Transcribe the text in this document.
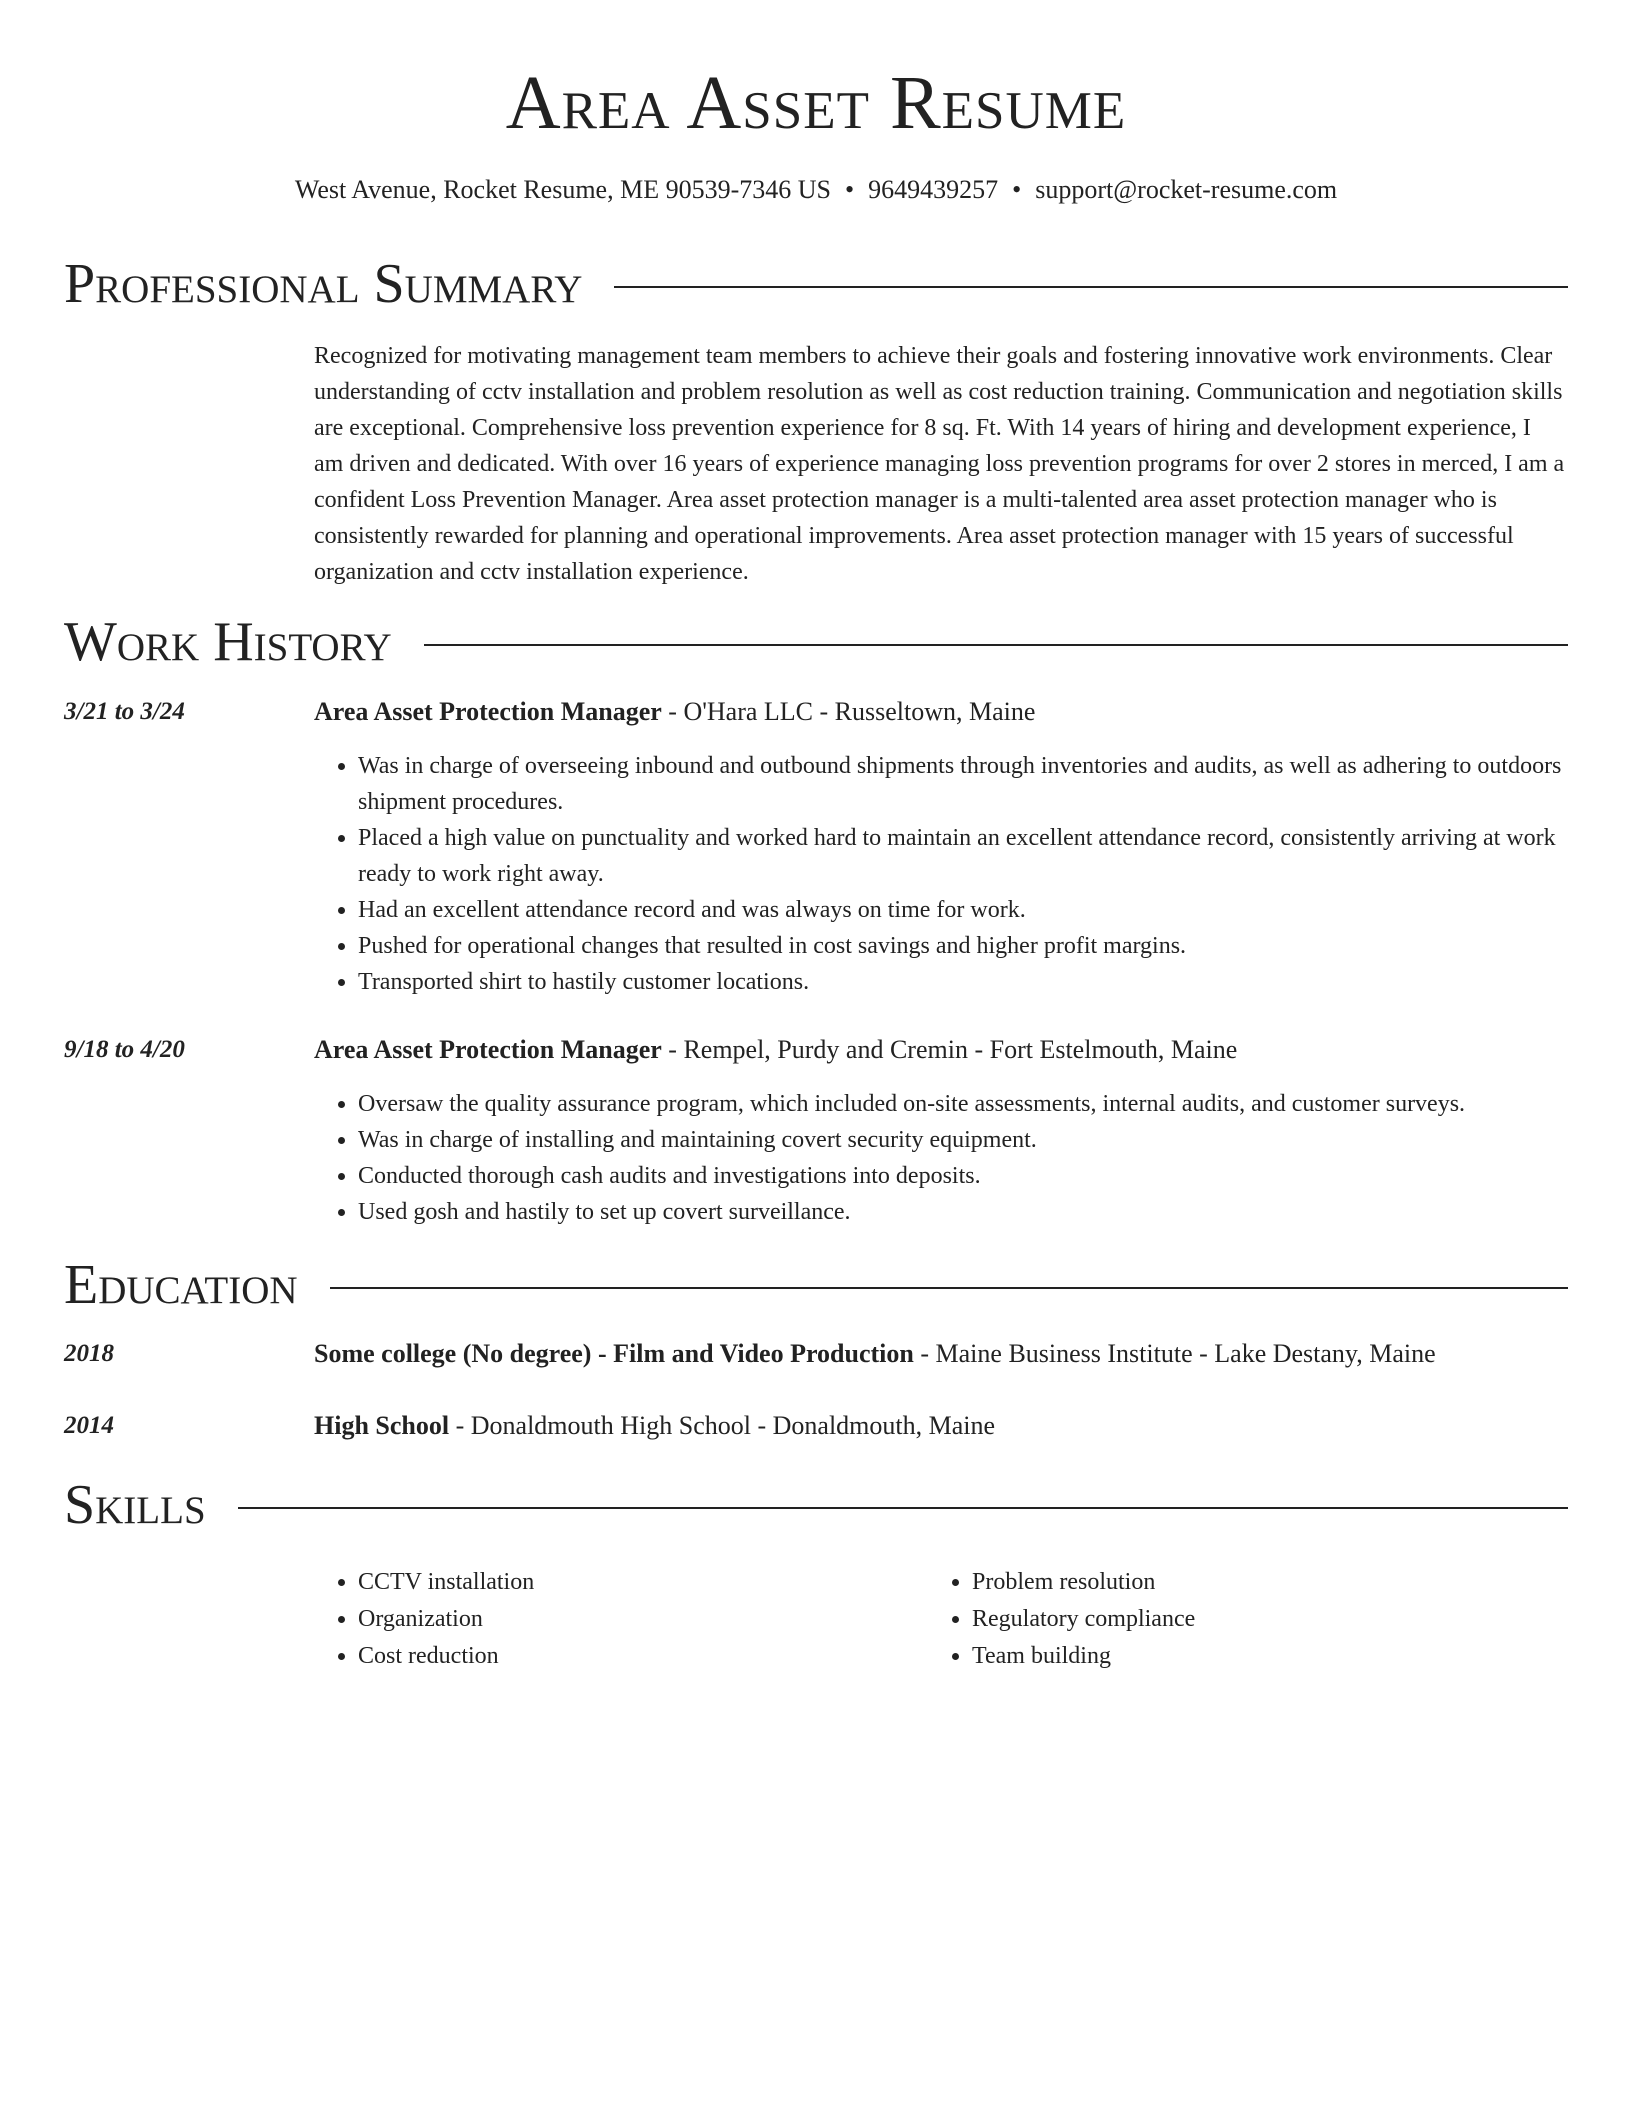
Area Asset Resume
West Avenue, Rocket Resume, ME 90539-7346 US • 9649439257 • support@rocket-resume.com
Professional Summary

Recognized for motivating management team members to achieve their goals and fostering innovative work environments. Clear understanding of cctv installation and problem resolution as well as cost reduction training. Communication and negotiation skills are exceptional. Comprehensive loss prevention experience for 8 sq. Ft. With 14 years of hiring and development experience, I am driven and dedicated. With over 16 years of experience managing loss prevention programs for over 2 stores in merced, I am a confident Loss Prevention Manager. Area asset protection manager is a multi-talented area asset protection manager who is consistently rewarded for planning and operational improvements. Area asset protection manager with 15 years of successful organization and cctv installation experience.

Work History
3/21 to 3/24	Area Asset Protection Manager - O'Hara LLC - Russeltown, Maine
• Was in charge of overseeing inbound and outbound shipments through inventories and audits, as well as adhering to outdoors shipment procedures.
• Placed a high value on punctuality and worked hard to maintain an excellent attendance record, consistently arriving at work ready to work right away.
• Had an excellent attendance record and was always on time for work.
• Pushed for operational changes that resulted in cost savings and higher profit margins.
• Transported shirt to hastily customer locations.
9/18 to 4/20	Area Asset Protection Manager - Rempel, Purdy and Cremin - Fort Estelmouth, Maine
• Oversaw the quality assurance program, which included on-site assessments, internal audits, and customer surveys.
• Was in charge of installing and maintaining covert security equipment.
• Conducted thorough cash audits and investigations into deposits.
• Used gosh and hastily to set up covert surveillance.
Education
2018	Some college (No degree) - Film and Video Production - Maine Business Institute - Lake Destany, Maine
2014	High School - Donaldmouth High School - Donaldmouth, Maine
Skills
• CCTV installation
• Organization
• Cost reduction
• Problem resolution
• Regulatory compliance
• Team building
